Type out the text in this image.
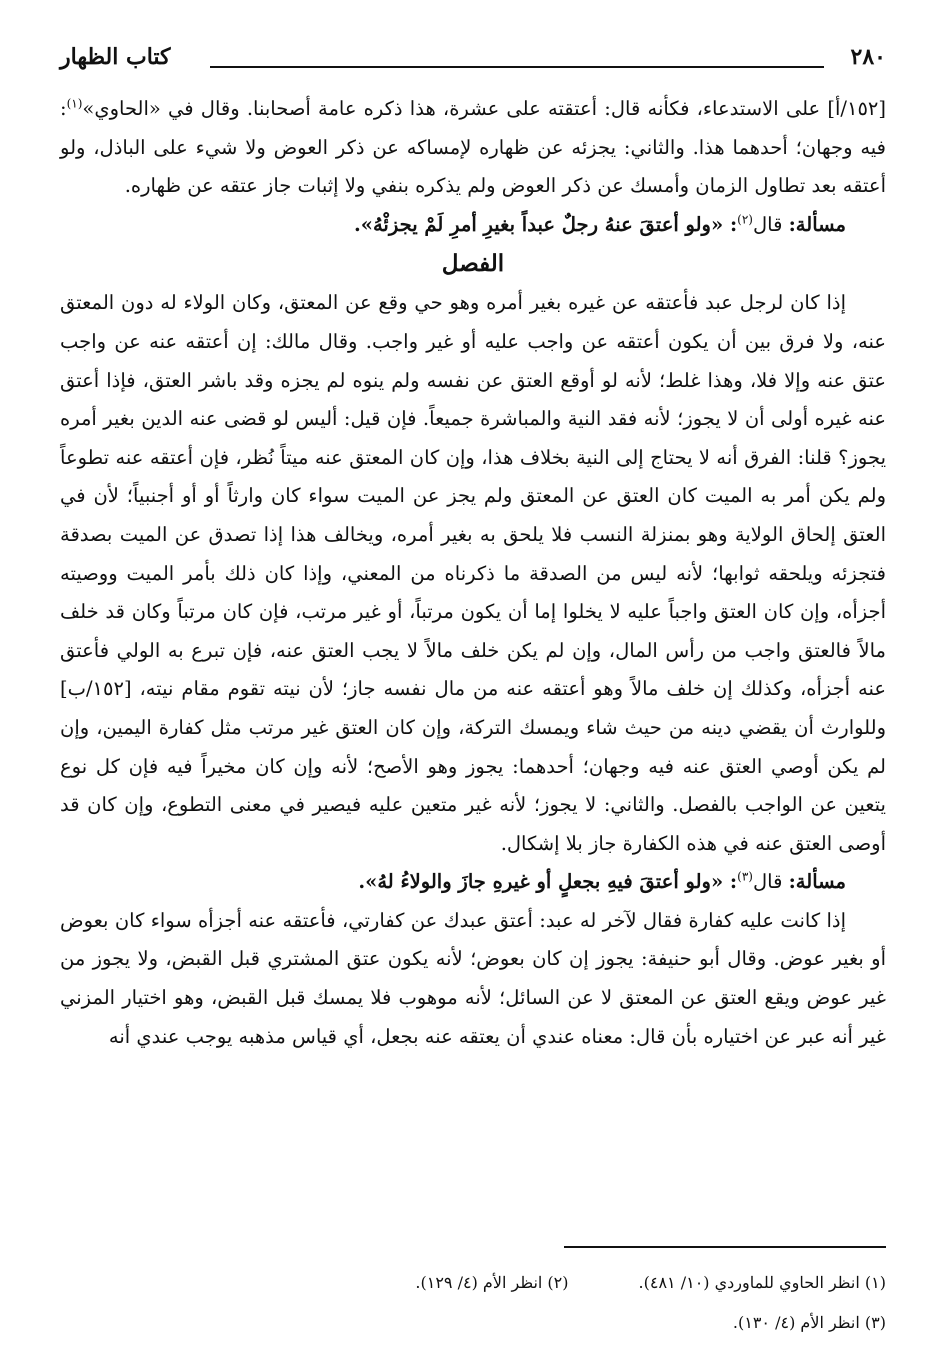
٢٨٠
كتاب الظهار

[١٥٢/أ] على الاستدعاء، فكأنه قال: أعتقته على عشرة، هذا ذكره عامة أصحابنا. وقال في «الحاوي»$^{(١)}$: فيه وجهان؛ أحدهما هذا. والثاني: يجزئه عن ظهاره لإمساكه عن ذكر العوض ولا شيء على الباذل، ولو أعتقه بعد تطاول الزمان وأمسك عن ذكر العوض ولم يذكره بنفي ولا إثبات جاز عتقه عن ظهاره.

مسألة: قال$^{(٢)}$: «ولو أعتقَ عنهُ رجلٌ عبداً بغيرِ أمرِ لَمْ يجزئْهُ».

الفصل

إذا كان لرجل عبد فأعتقه عن غيره بغير أمره وهو حي وقع عن المعتق، وكان الولاء له دون المعتق عنه، ولا فرق بين أن يكون أعتقه عن واجب عليه أو غير واجب. وقال مالك: إن أعتقه عنه عن واجب عتق عنه وإلا فلا، وهذا غلط؛ لأنه لو أوقع العتق عن نفسه ولم ينوه لم يجزه وقد باشر العتق، فإذا أعتق عنه غيره أولى أن لا يجوز؛ لأنه فقد النية والمباشرة جميعاً. فإن قيل: أليس لو قضى عنه الدين بغير أمره يجوز؟ قلنا: الفرق أنه لا يحتاج إلى النية بخلاف هذا، وإن كان المعتق عنه ميتاً نُظر، فإن أعتقه عنه تطوعاً ولم يكن أمر به الميت كان العتق عن المعتق ولم يجز عن الميت سواء كان وارثاً أو أو أجنبياً؛ لأن في العتق إلحاق الولاية وهو بمنزلة النسب فلا يلحق به بغير أمره، ويخالف هذا إذا تصدق عن الميت بصدقة فتجزئه ويلحقه ثوابها؛ لأنه ليس من الصدقة ما ذكرناه من المعني، وإذا كان ذلك بأمر الميت ووصيته أجزأه، وإن كان العتق واجباً عليه لا يخلوا إما أن يكون مرتباً، أو غير مرتب، فإن كان مرتباً وكان قد خلف مالاً فالعتق واجب من رأس المال، وإن لم يكن خلف مالاً لا يجب العتق عنه، فإن تبرع به الولي فأعتق عنه أجزأه، وكذلك إن خلف مالاً وهو أعتقه عنه من مال نفسه جاز؛ لأن نيته تقوم مقام نيته، [١٥٢/ب] وللوارث أن يقضي دينه من حيث شاء ويمسك التركة، وإن كان العتق غير مرتب مثل كفارة اليمين، وإن لم يكن أوصي العتق عنه فيه وجهان؛ أحدهما: يجوز وهو الأصح؛ لأنه وإن كان مخيراً فيه فإن كل نوع يتعين عن الواجب بالفصل. والثاني: لا يجوز؛ لأنه غير متعين عليه فيصير في معنى التطوع، وإن كان قد أوصى العتق عنه في هذه الكفارة جاز بلا إشكال.

مسألة: قال$^{(٣)}$: «ولو أعتقَ فيهِ بجعلٍ أو غيرهِ جازَ والولاءُ لهُ».

إذا كانت عليه كفارة فقال لآخر له عبد: أعتق عبدك عن كفارتي، فأعتقه عنه أجزأه سواء كان بعوض أو بغير عوض. وقال أبو حنيفة: يجوز إن كان بعوض؛ لأنه يكون عتق المشتري قبل القبض، ولا يجوز من غير عوض ويقع العتق عن المعتق لا عن السائل؛ لأنه موهوب فلا يمسك قبل القبض، وهو اختيار المزني غير أنه عبر عن اختياره بأن قال: معناه عندي أن يعتقه عنه بجعل، أي قياس مذهبه يوجب عندي أنه

(١) انظر الحاوي للماوردي (١٠/ ٤٨١).
(٢) انظر الأم (٤/ ١٢٩).
(٣) انظر الأم (٤/ ١٣٠).
